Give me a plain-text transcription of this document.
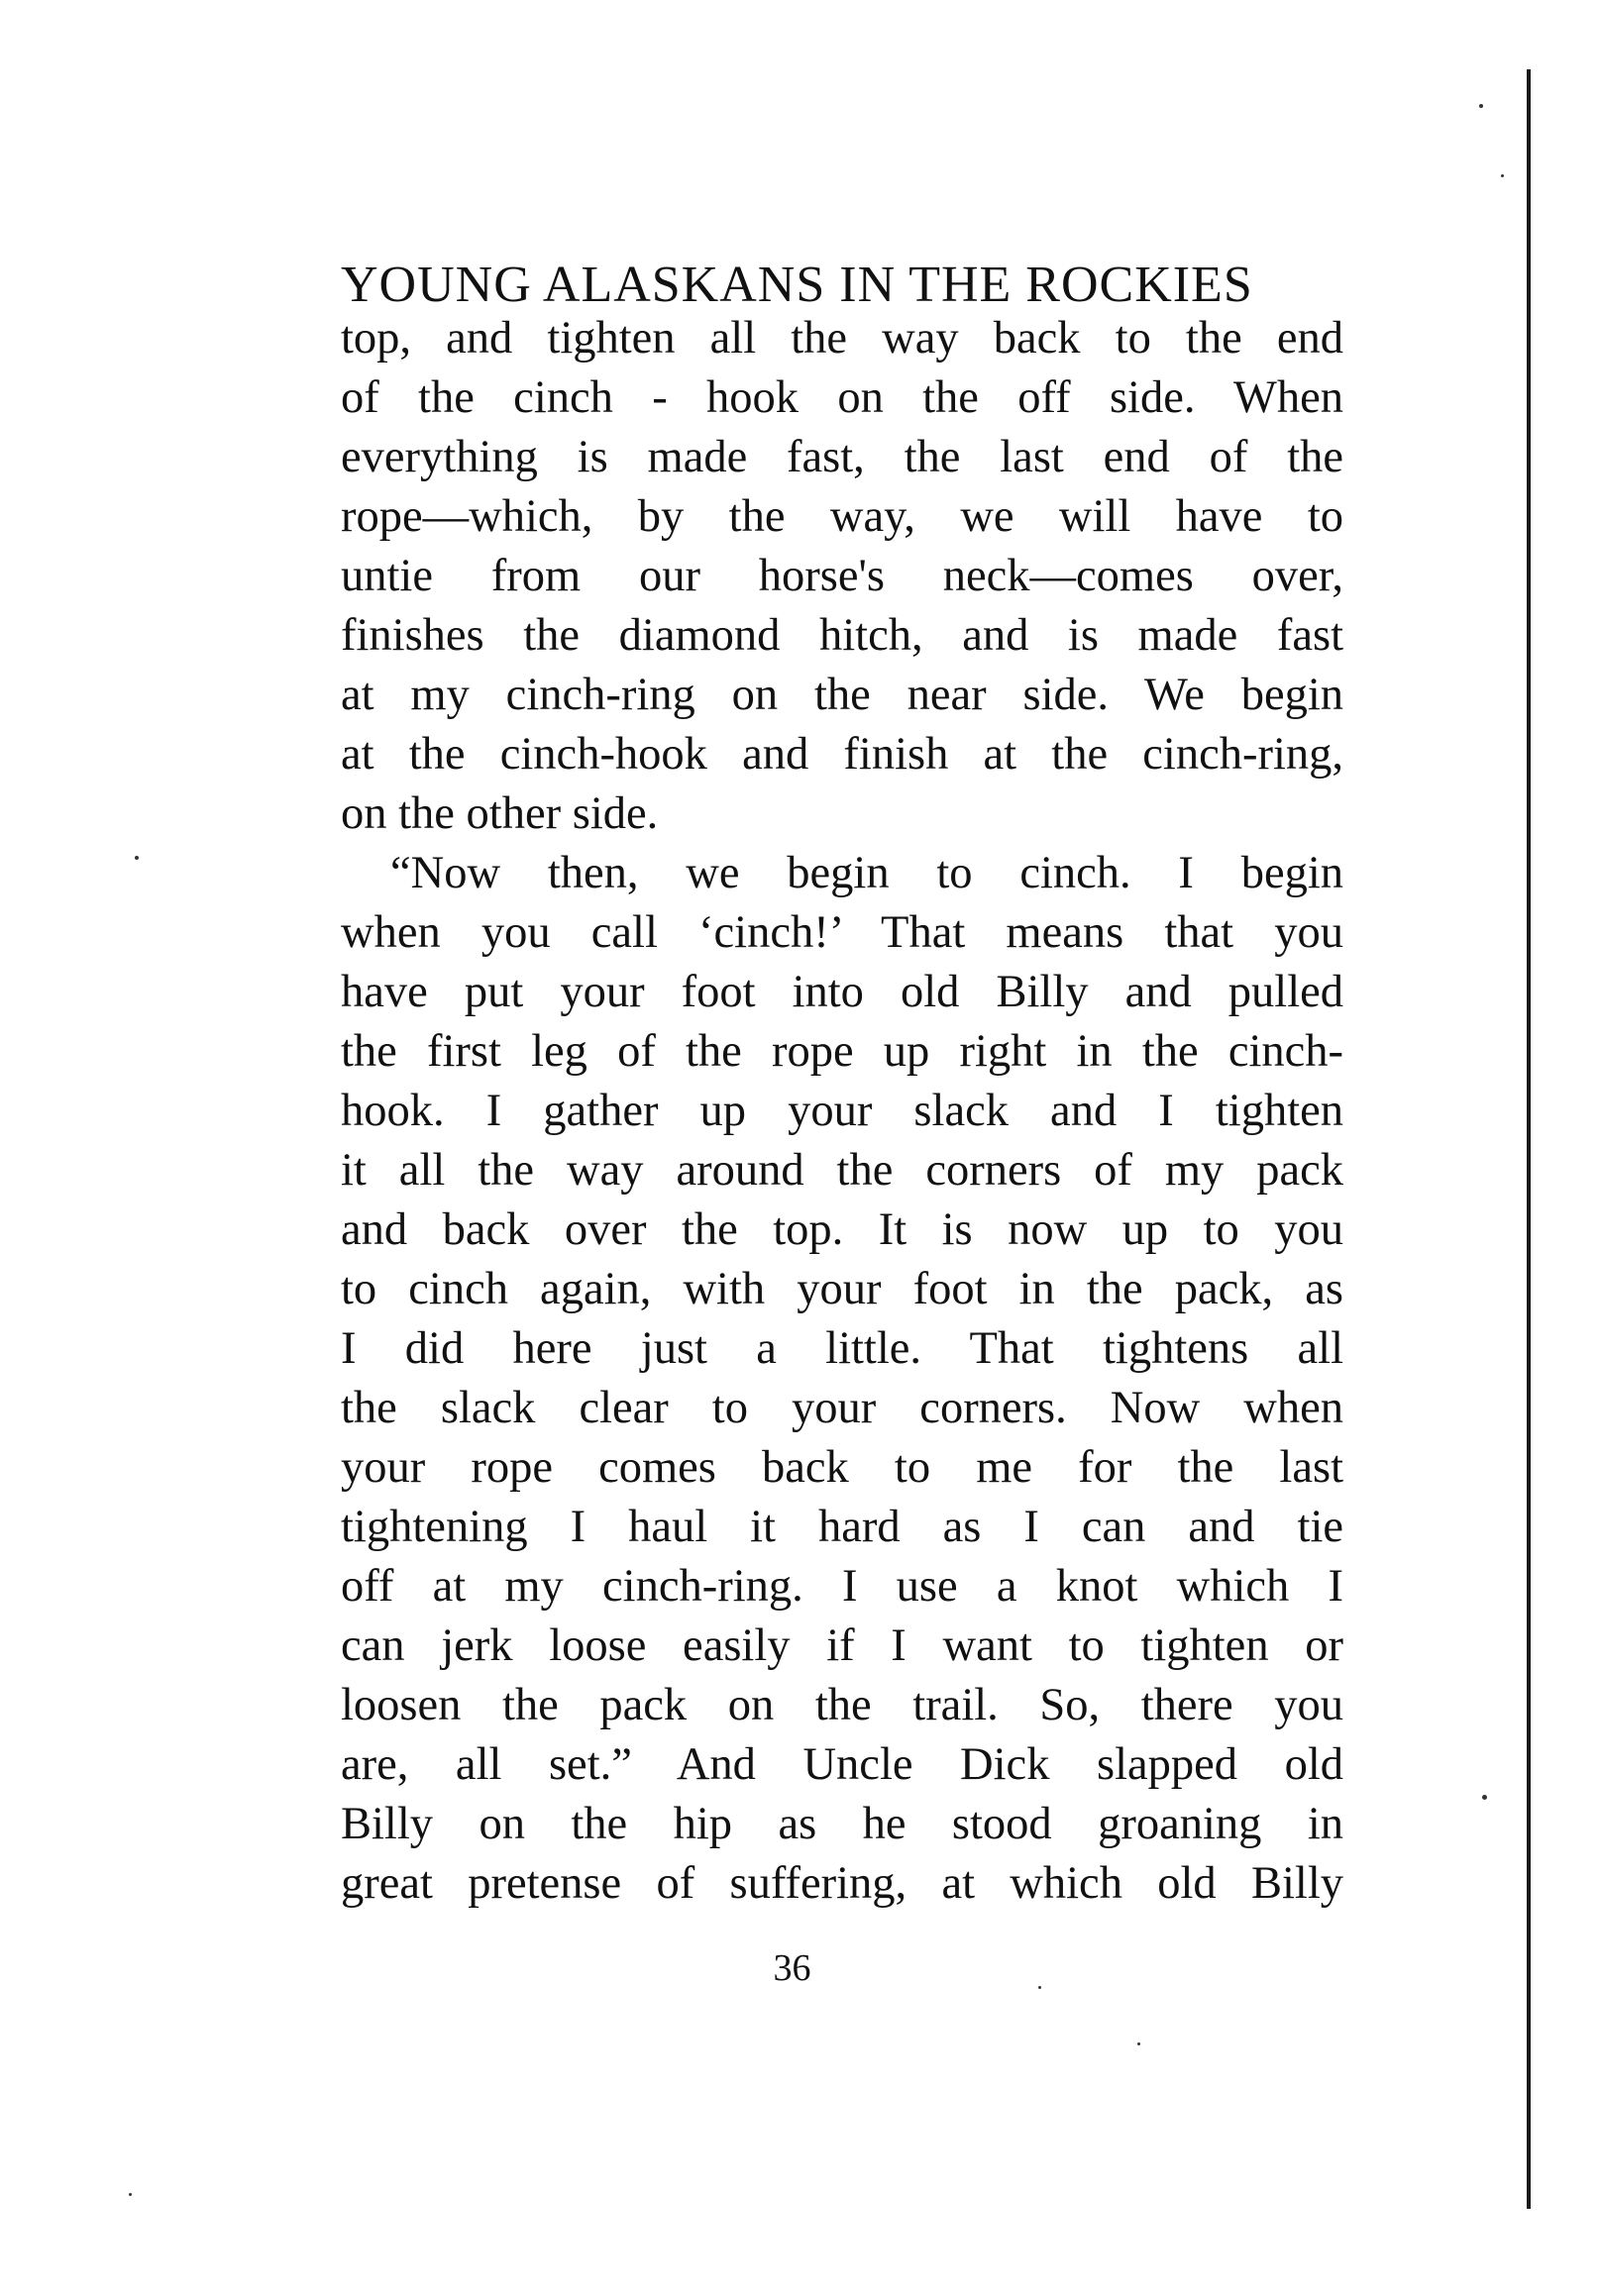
YOUNG ALASKANS IN THE ROCKIES
top, and tighten all the way back to the end
of the cinch - hook on the off side. When
everything is made fast, the last end of the
rope—which, by the way, we will have to
untie from our horse's neck—comes over,
finishes the diamond hitch, and is made fast
at my cinch-ring on the near side. We begin
at the cinch-hook and finish at the cinch-ring,
on the other side.
“Now then, we begin to cinch. I begin
when you call ‘cinch!’ That means that you
have put your foot into old Billy and pulled
the first leg of the rope up right in the cinch-
hook. I gather up your slack and I tighten
it all the way around the corners of my pack
and back over the top. It is now up to you
to cinch again, with your foot in the pack, as
I did here just a little. That tightens all
the slack clear to your corners. Now when
your rope comes back to me for the last
tightening I haul it hard as I can and tie
off at my cinch-ring. I use a knot which I
can jerk loose easily if I want to tighten or
loosen the pack on the trail. So, there you
are, all set.” And Uncle Dick slapped old
Billy on the hip as he stood groaning in
great pretense of suffering, at which old Billy
36
